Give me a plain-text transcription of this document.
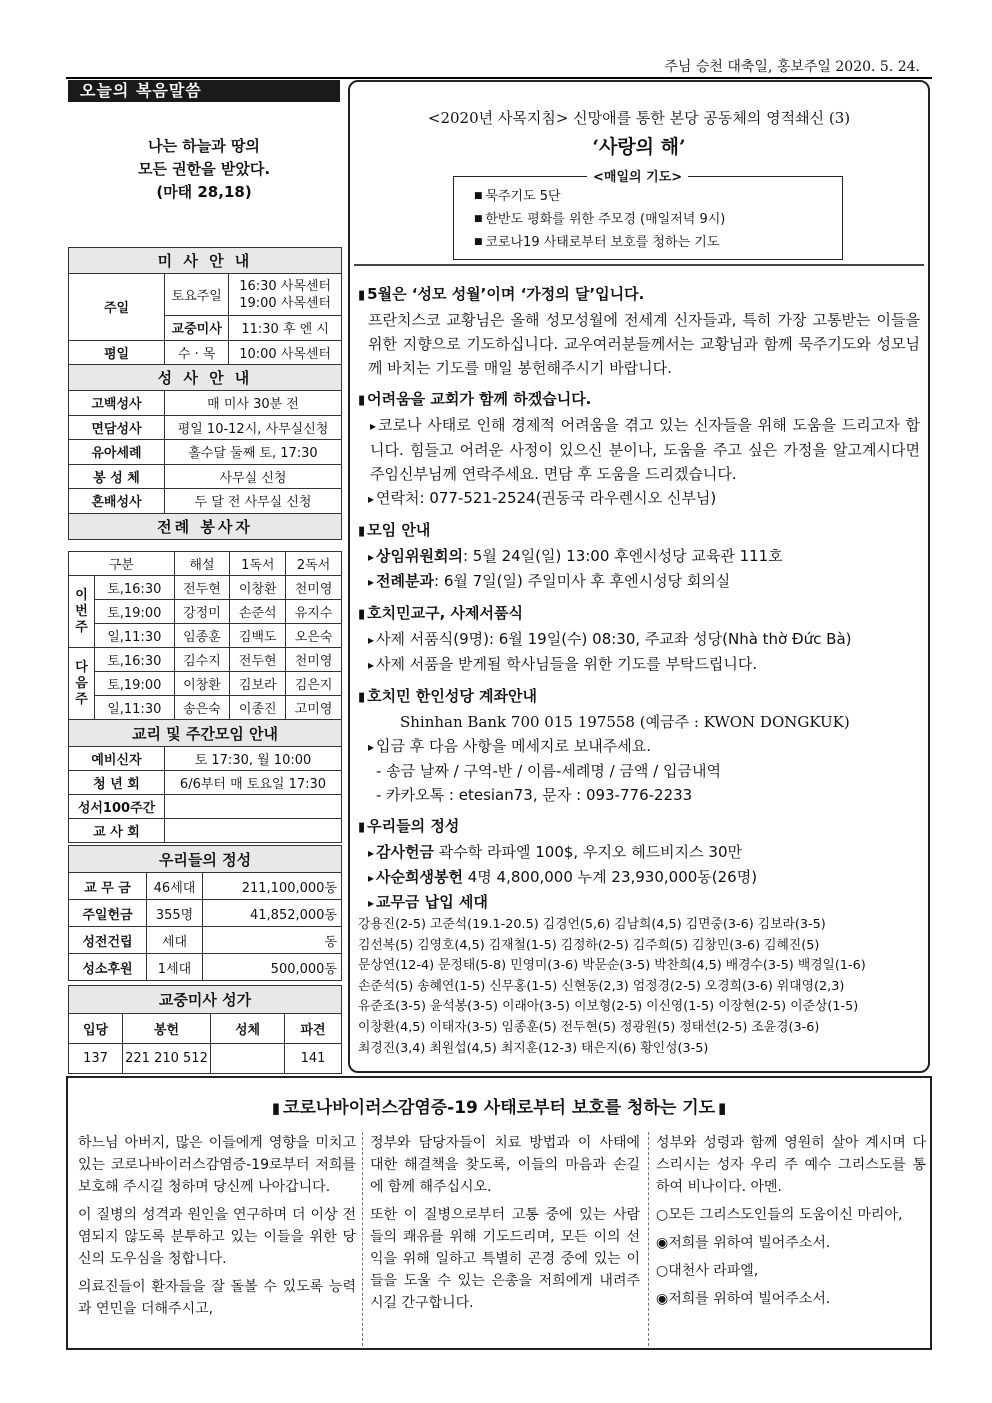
주님 승천 대축일, 홍보주일 2020. 5. 24.
오늘의 복음말씀
나는 하늘과 땅의
모든 권한을 받았다.
(마태 28,18)
미 사 안 내		
주일	토요주일	16:30 사목센터
19:00 사목센터

	교중미사	11:30 후 엔 시
평일	수 · 목	10:00 사목센터
성 사 안 내		
고백성사	매 미사 30분 전	
면담성사	평일 10-12시, 사무실신청	
유아세례	홀수달 둘째 토, 17:30	
봉 성 체	사무실 신청	
혼배성사	두 달 전 사무실 신청	
전례 봉사자		
구분		해설	1독서	2독서
이번주	토,16:30	전두현	이창환	천미영
	토,19:00	강정미	손준석	유지수
	일,11:30	임종훈	김백도	오은숙
다음주	토,16:30	김수지	전두현	천미영
	토,19:00	이창환	김보라	김은지
	일,11:30	송은숙	이종진	고미영
교리 및 주간모임 안내	
예비신자	토 17:30, 월 10:00
청 년 회	6/6부터 매 토요일 17:30
성서100주간	
교 사 회	
우리들의 정성		
교 무 금	46세대	211,100,000동
주일헌금	355명	41,852,000동
성전건립	세대	동
성소후원	1세대	500,000동
교중미사 성가			
입당	봉헌	성체	파견
137	221 210 512		141
<2020년 사목지침> 신망애를 통한 본당 공동체의 영적쇄신 (3)
‘사랑의 해’
<매일의 기도>
■ 묵주기도 5단
■ 한반도 평화를 위한 주모경 (매일저녁 9시)
■ 코로나19 사태로부터 보호를 청하는 기도
▮ 5월은 ‘성모 성월’이며 ‘가정의 달’입니다.
프란치스코 교황님은 올해 성모성월에 전세계 신자들과, 특히 가장 고통받는 이들을 위한 지향으로 기도하십니다. 교우여러분들께서는 교황님과 함께 묵주기도와 성모님께 바치는 기도를 매일 봉헌해주시기 바랍니다.
▮ 어려움을 교회가 함께 하겠습니다.
▸ 코로나 사태로 인해 경제적 어려움을 겪고 있는 신자들을 위해 도움을 드리고자 합니다. 힘들고 어려운 사정이 있으신 분이나, 도움을 주고 싶은 가정을 알고계시다면 주임신부님께 연락주세요. 면담 후 도움을 드리겠습니다.
▸ 연락처: 077-521-2524(권동국 라우렌시오 신부님)
▮ 모임 안내
▸ 상임위원회의: 5월 24일(일) 13:00 후엔시성당 교육관 111호
▸ 전례분과: 6월 7일(일) 주일미사 후 후엔시성당 회의실
▮ 호치민교구, 사제서품식
▸ 사제 서품식(9명): 6월 19일(수) 08:30, 주교좌 성당(Nhà thờ Đức Bà)
▸ 사제 서품을 받게될 학사님들을 위한 기도를 부탁드립니다.
▮ 호치민 한인성당 계좌안내
Shinhan Bank 700 015 197558 (예금주 : KWON DONGKUK)
▸ 입금 후 다음 사항을 메세지로 보내주세요.
- 송금 날짜 / 구역-반 / 이름-세례명 / 금액 / 입금내역
- 카카오톡 : etesian73, 문자 : 093-776-2233
▮ 우리들의 정성
▸ 감사헌금 곽수학 라파엘 100$, 우지오 헤드비지스 30만
▸ 사순희생봉헌 4명 4,800,000 누계 23,930,000동(26명)
▸ 교무금 납입 세대
강용진(2-5) 고준석(19.1-20.5) 김경언(5,6) 김남희(4,5) 김면중(3-6) 김보라(3-5)
김선복(5) 김영호(4,5) 김재철(1-5) 김정하(2-5) 김주희(5) 김창민(3-6) 김혜진(5)
문상연(12-4) 문정태(5-8) 민영미(3-6) 박문순(3-5) 박찬희(4,5) 배경수(3-5) 백경일(1-6)
손준석(5) 송혜연(1-5) 신무홍(1-5) 신현동(2,3) 엄정경(2-5) 오경희(3-6) 위대영(2,3)
유준조(3-5) 윤석봉(3-5) 이래아(3-5) 이보형(2-5) 이신영(1-5) 이장현(2-5) 이준상(1-5)
이창환(4,5) 이태자(3-5) 임종훈(5) 전두현(5) 정광원(5) 정태선(2-5) 조윤경(3-6)
최경진(3,4) 최원섭(4,5) 최지훈(12-3) 태은지(6) 황인성(3-5)
▮ 코로나바이러스감염증-19 사태로부터 보호를 청하는 기도 ▮

하느님 아버지, 많은 이들에게 영향을 미치고 있는 코로나바이러스감염증-19로부터 저희를 보호해 주시길 청하며 당신께 나아갑니다.

이 질병의 성격과 원인을 연구하며 더 이상 전염되지 않도록 분투하고 있는 이들을 위한 당신의 도우심을 청합니다.

의료진들이 환자들을 잘 돌볼 수 있도록 능력과 연민을 더해주시고,

정부와 담당자들이 치료 방법과 이 사태에 대한 해결책을 찾도록, 이들의 마음과 손길에 함께 해주십시오.

또한 이 질병으로부터 고통 중에 있는 사람들의 쾌유를 위해 기도드리며, 모든 이의 선익을 위해 일하고 특별히 곤경 중에 있는 이들을 도울 수 있는 은총을 저희에게 내려주시길 간구합니다.

성부와 성령과 함께 영원히 살아 계시며 다스리시는 성자 우리 주 예수 그리스도를 통하여 비나이다. 아멘.

○모든 그리스도인들의 도움이신 마리아,
◉저희를 위하여 빌어주소서.
○대천사 라파엘,
◉저희를 위하여 빌어주소서.
